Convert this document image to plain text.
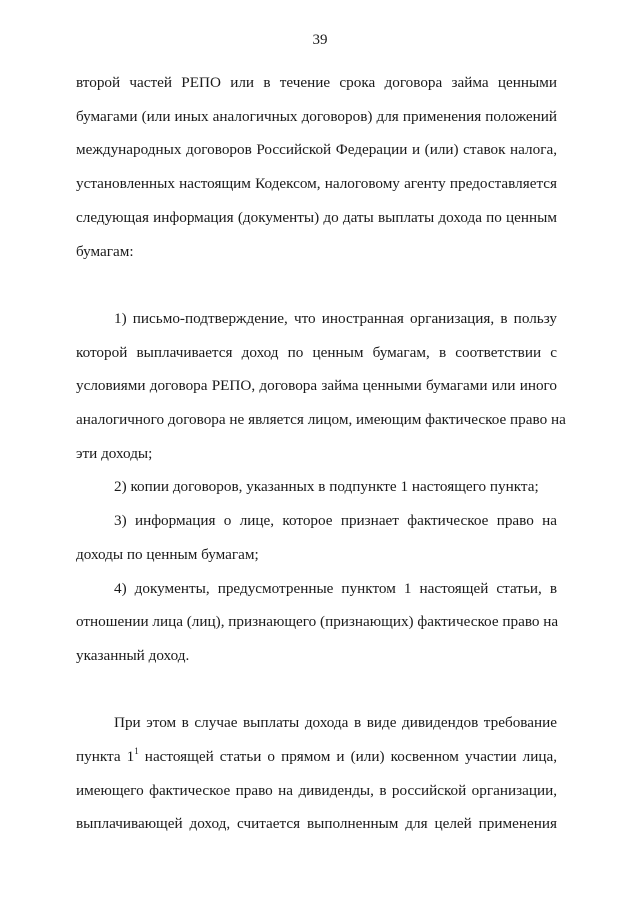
39
второй частей РЕПО или в течение срока договора займа ценными
бумагами (или иных аналогичных договоров) для применения положений
международных договоров Российской Федерации и (или) ставок налога,
установленных настоящим Кодексом, налоговому агенту предоставляется
следующая информация (документы) до даты выплаты дохода по ценным
бумагам:
1) письмо-подтверждение, что иностранная организация, в пользу
которой выплачивается доход по ценным бумагам, в соответствии с
условиями договора РЕПО, договора займа ценными бумагами или иного
аналогичного договора не является лицом, имеющим фактическое право на
эти доходы;
2) копии договоров, указанных в подпункте 1 настоящего пункта;
3) информация о лице, которое признает фактическое право на
доходы по ценным бумагам;
4) документы, предусмотренные пунктом 1 настоящей статьи, в
отношении лица (лиц), признающего (признающих) фактическое право на
указанный доход.
При этом в случае выплаты дохода в виде дивидендов требование
пункта $1^1$ настоящей статьи о прямом и (или) косвенном участии лица,
имеющего фактическое право на дивиденды, в российской организации,
выплачивающей доход, считается выполненным для целей применения
